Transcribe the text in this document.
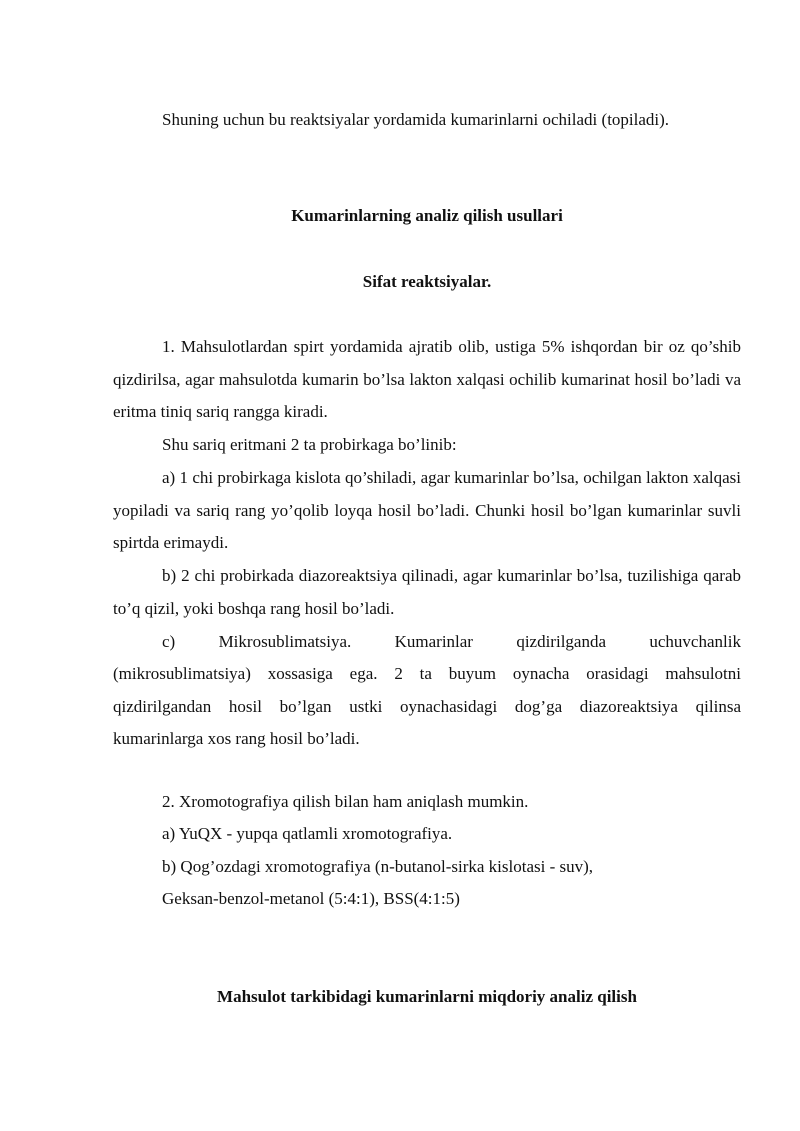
Shuning uchun bu reaktsiyalar yordamida kumarinlarni ochiladi (topiladi).

Kumarinlarning analiz qilish usullari

Sifat reaktsiyalar.

1. Mahsulotlardan spirt yordamida ajratib olib, ustiga 5% ishqordan bir oz qo’shib qizdirilsa, agar mahsulotda kumarin bo’lsa lakton xalqasi ochilib kumarinat hosil bo’ladi va eritma tiniq sariq rangga kiradi.

Shu sariq eritmani 2 ta probirkaga bo’linib:

a) 1 chi probirkaga kislota qo’shiladi, agar kumarinlar bo’lsa, ochilgan lakton xalqasi yopiladi va sariq rang yo’qolib loyqa hosil bo’ladi. Chunki hosil bo’lgan kumarinlar suvli spirtda erimaydi.

b) 2 chi probirkada diazoreaktsiya qilinadi, agar kumarinlar bo’lsa, tuzilishiga qarab to’q qizil, yoki boshqa rang hosil bo’ladi.

c)	Mikrosublimatsiya.	Kumarinlar	qizdirilganda	uchuvchanlik

(mikrosublimatsiya) xossasiga ega. 2 ta buyum oynacha orasidagi mahsulotni qizdirilgandan hosil bo’lgan ustki oynachasidagi dog’ga diazoreaktsiya qilinsa kumarinlarga xos rang hosil bo’ladi.

2. Xromotografiya qilish bilan ham aniqlash mumkin.

a) YuQX - yupqa qatlamli xromotografiya.

b) Qog’ozdagi xromotografiya (n-butanol-sirka kislotasi - suv),

Geksan-benzol-metanol (5:4:1), BSS(4:1:5)

Mahsulot tarkibidagi kumarinlarni miqdoriy analiz qilish
